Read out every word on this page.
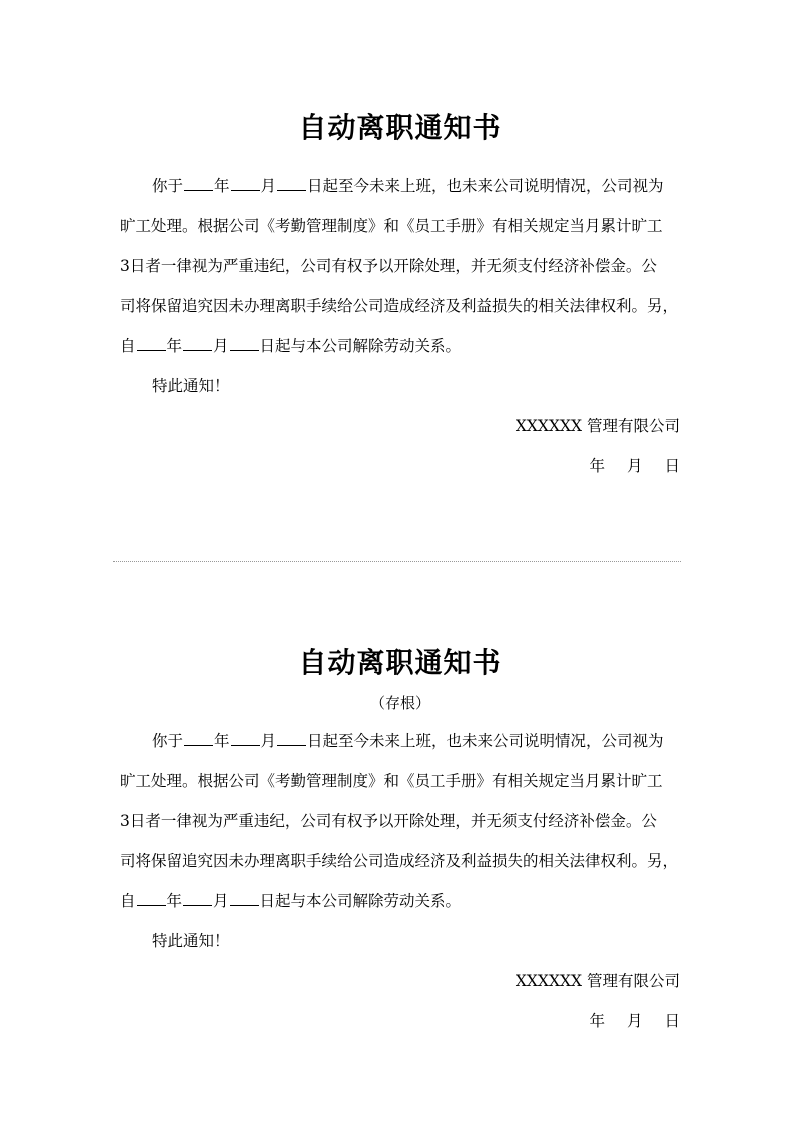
自动离职通知书
你于 年 月 日起至今未来上班，也未来公司说明情况，公司视为
旷工处理。根据公司《考勤管理制度》和《员工手册》有相关规定当月累计旷工
3日者一律视为严重违纪，公司有权予以开除处理，并无须支付经济补偿金。公
司将保留追究因未办理离职手续给公司造成经济及利益损失的相关法律权利。另，
自 年 月 日起与本公司解除劳动关系。
特此通知！
XXXXXX 管理有限公司
年 月 日
自动离职通知书
（存根）
你于 年 月 日起至今未来上班，也未来公司说明情况，公司视为
旷工处理。根据公司《考勤管理制度》和《员工手册》有相关规定当月累计旷工
3日者一律视为严重违纪，公司有权予以开除处理，并无须支付经济补偿金。公
司将保留追究因未办理离职手续给公司造成经济及利益损失的相关法律权利。另，
自 年 月 日起与本公司解除劳动关系。
特此通知！
XXXXXX 管理有限公司
年 月 日
